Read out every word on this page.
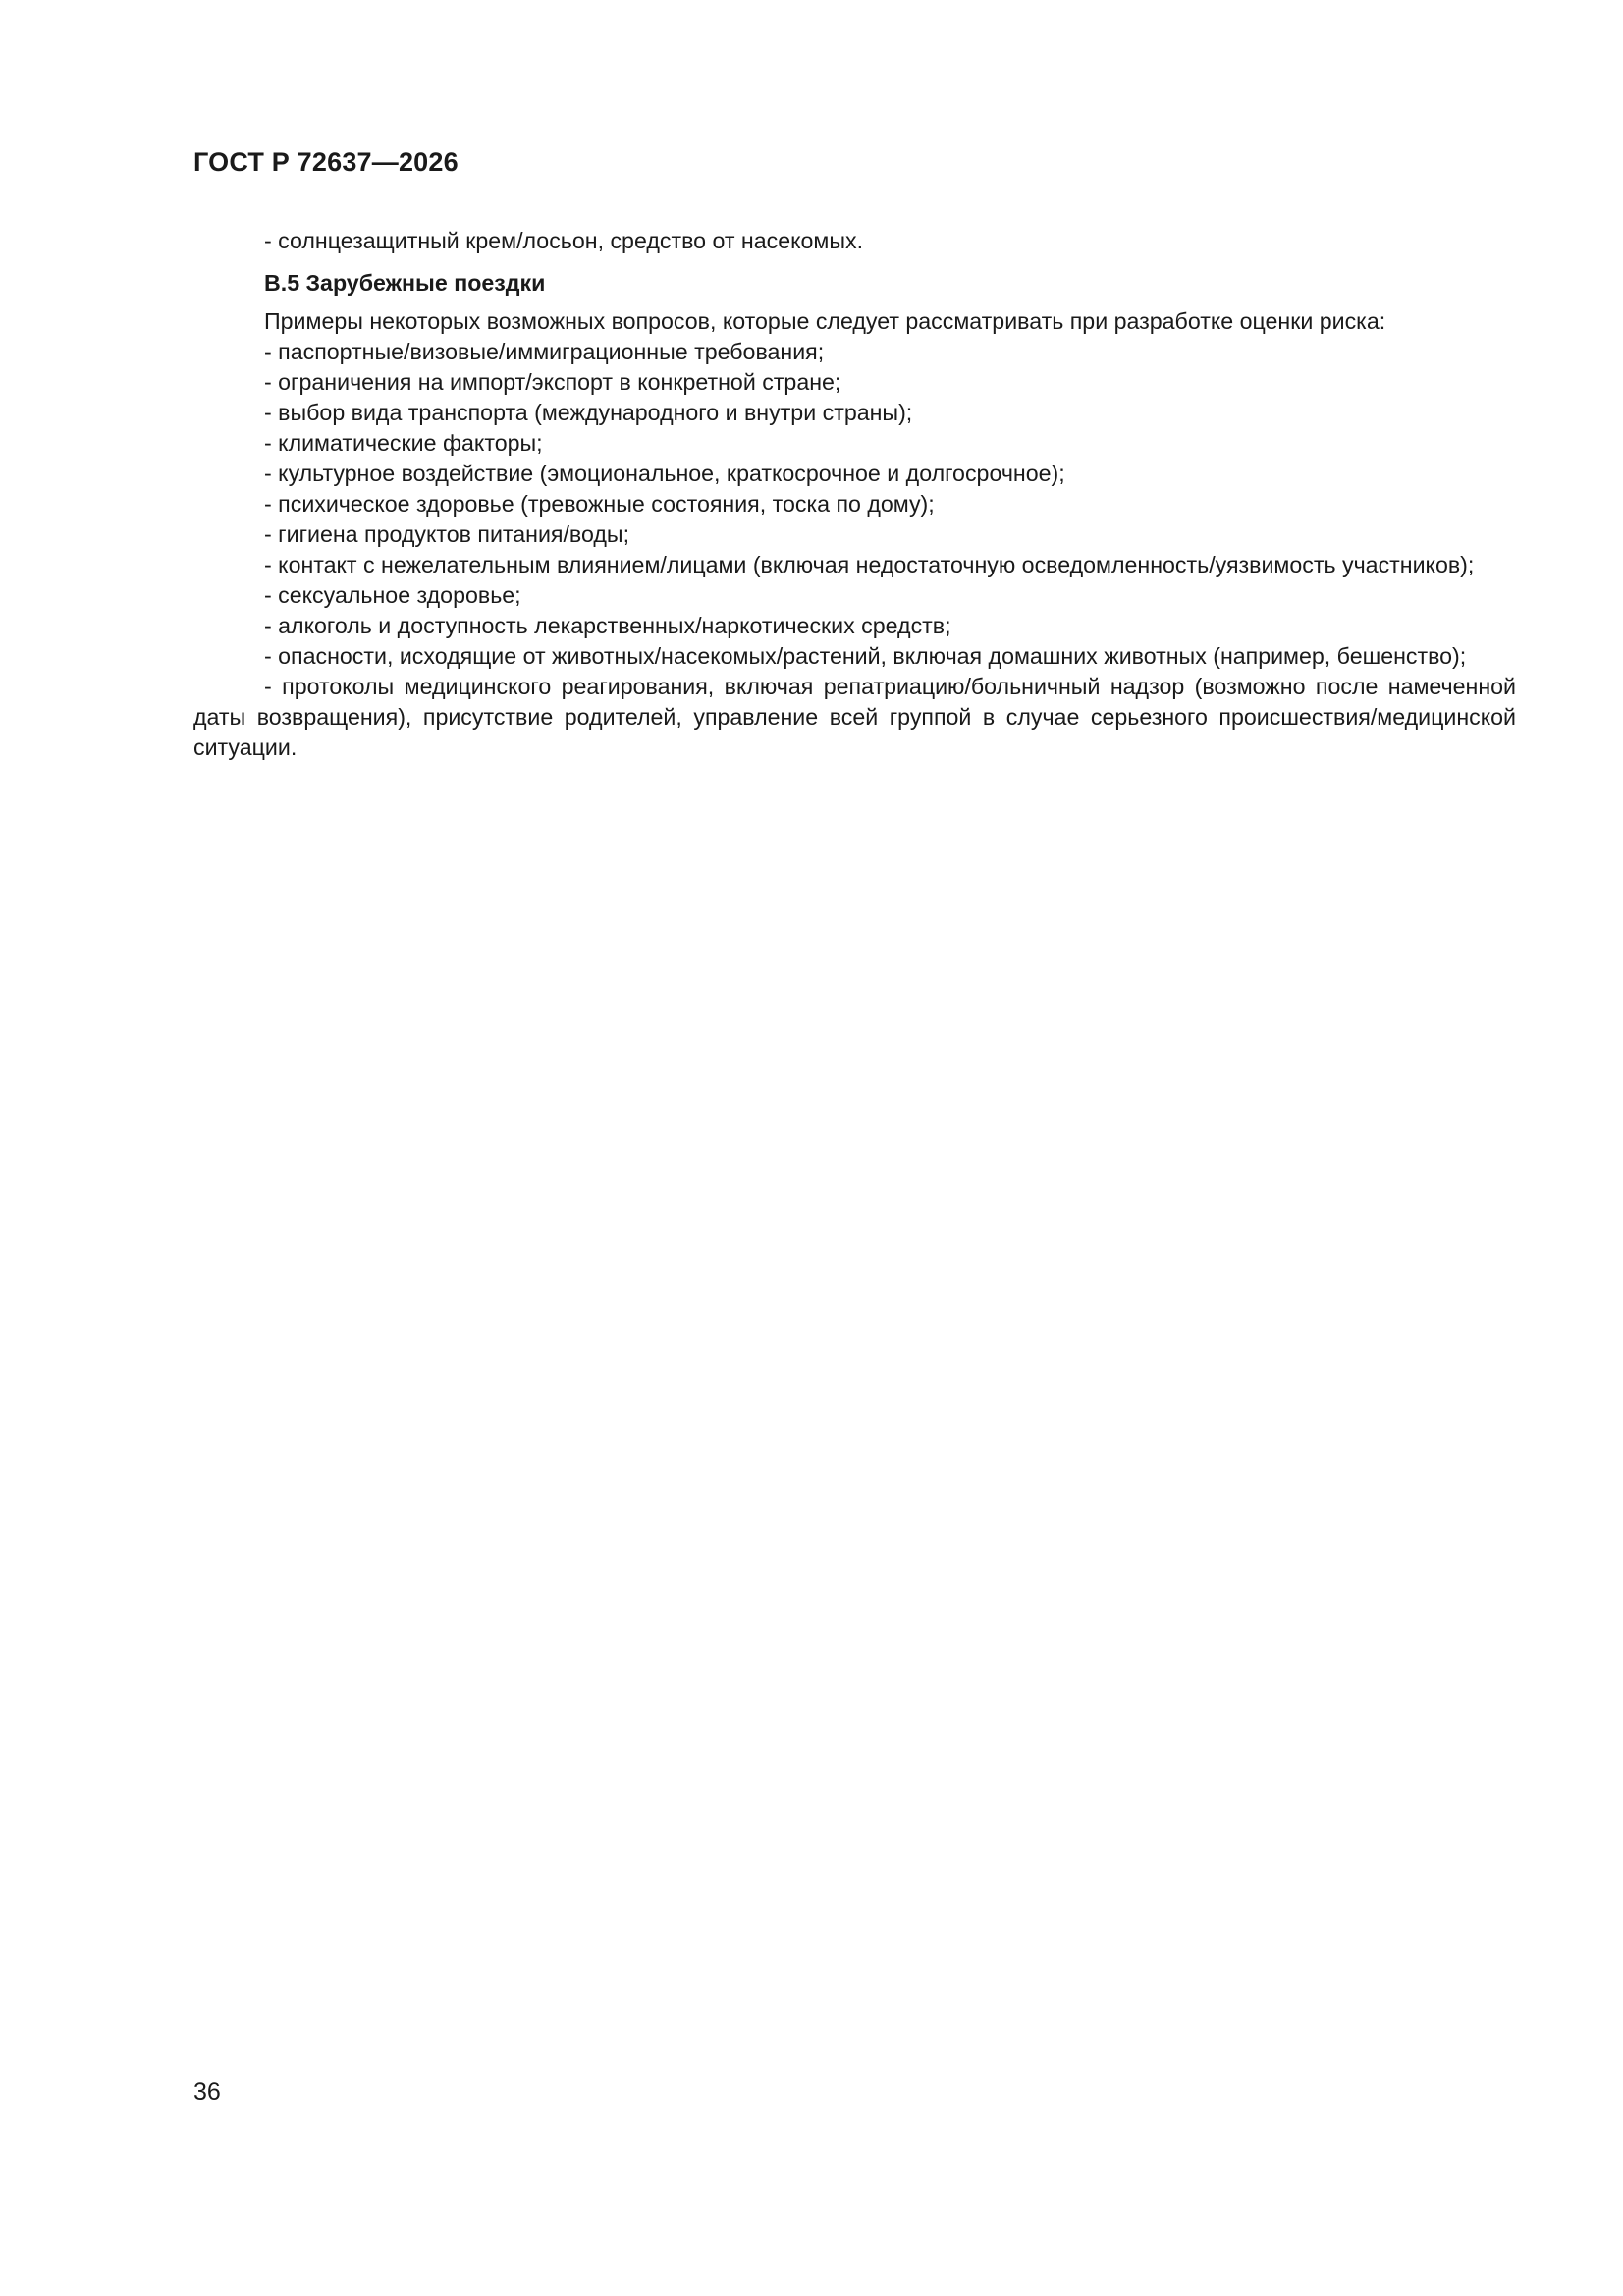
ГОСТ Р 72637—2026

- солнцезащитный крем/лосьон, средство от насекомых.

В.5 Зарубежные поездки

Примеры некоторых возможных вопросов, которые следует рассматривать при разработке оценки риска:

- паспортные/визовые/иммиграционные требования;

- ограничения на импорт/экспорт в конкретной стране;

- выбор вида транспорта (международного и внутри страны);

- климатические факторы;

- культурное воздействие (эмоциональное, краткосрочное и долгосрочное);

- психическое здоровье (тревожные состояния, тоска по дому);

- гигиена продуктов питания/воды;

- контакт с нежелательным влиянием/лицами (включая недостаточную осведомленность/уязвимость участников);

- сексуальное здоровье;

- алкоголь и доступность лекарственных/наркотических средств;

- опасности, исходящие от животных/насекомых/растений, включая домашних животных (например, бешенство);

- протоколы медицинского реагирования, включая репатриацию/больничный надзор (возможно после намеченной даты возвращения), присутствие родителей, управление всей группой в случае серьезного происшествия/медицинской ситуации.

36
